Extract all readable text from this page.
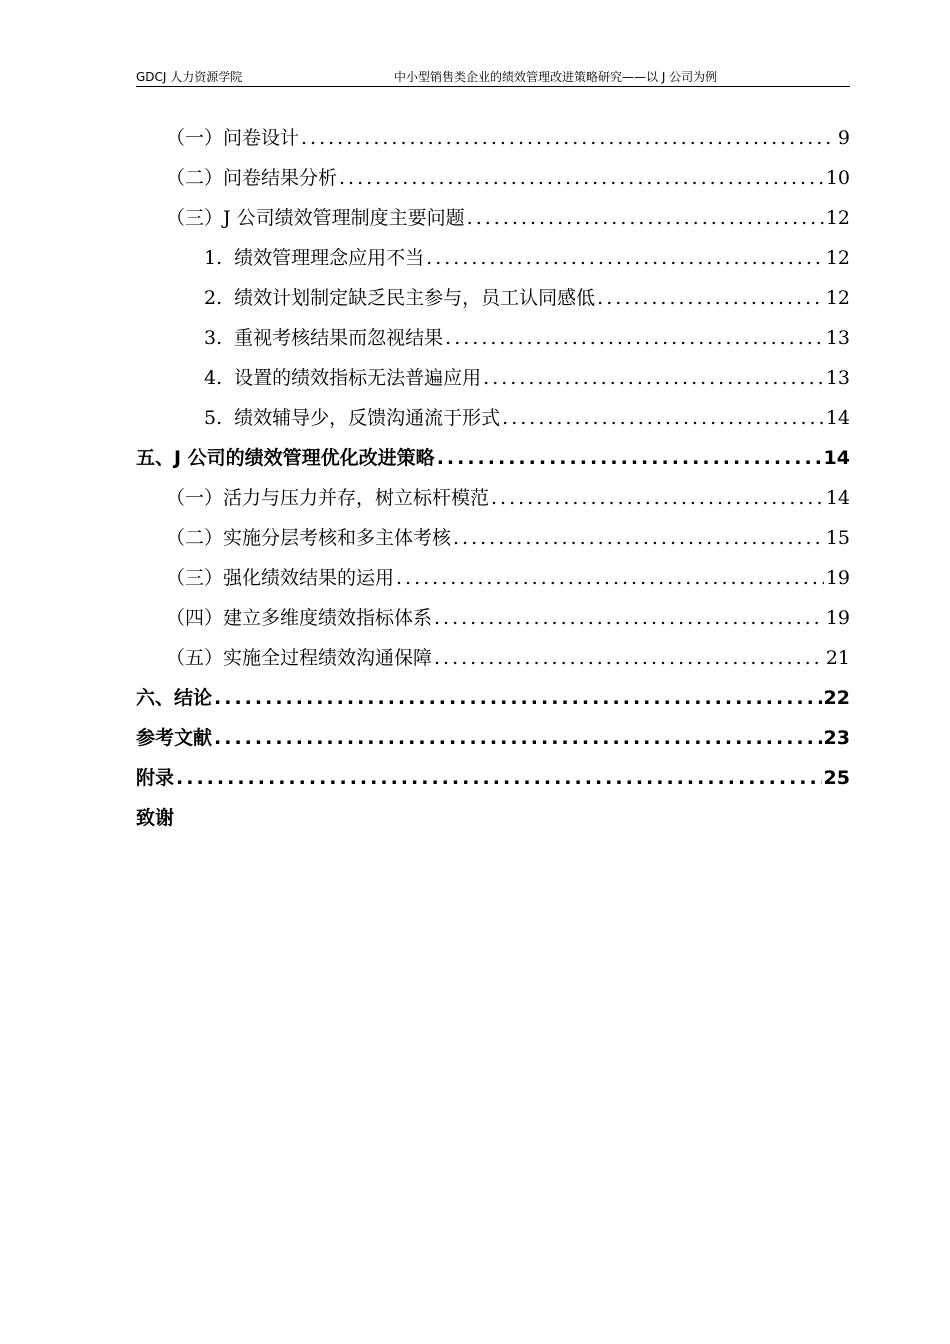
GDCJ 人力资源学院	中小型销售类企业的绩效管理改进策略研究——以 J 公司为例
（一）问卷设计 .....	9
（二）问卷结果分析 .....	10
（三）J 公司绩效管理制度主要问题 .....	12
1. 绩效管理理念应用不当 .....	12
2. 绩效计划制定缺乏民主参与，员工认同感低 .....	12
3. 重视考核结果而忽视结果 .....	13
4. 设置的绩效指标无法普遍应用 .....	13
5. 绩效辅导少，反馈沟通流于形式 .....	14
五、J 公司的绩效管理优化改进策略 .....	14
（一）活力与压力并存，树立标杆模范 .....	14
（二）实施分层考核和多主体考核 .....	15
（三）强化绩效结果的运用 .....	19
（四）建立多维度绩效指标体系 .....	19
（五）实施全过程绩效沟通保障 .....	21
六、结论 .....	22
参考文献 .....	23
附录 .....	25
致谢
